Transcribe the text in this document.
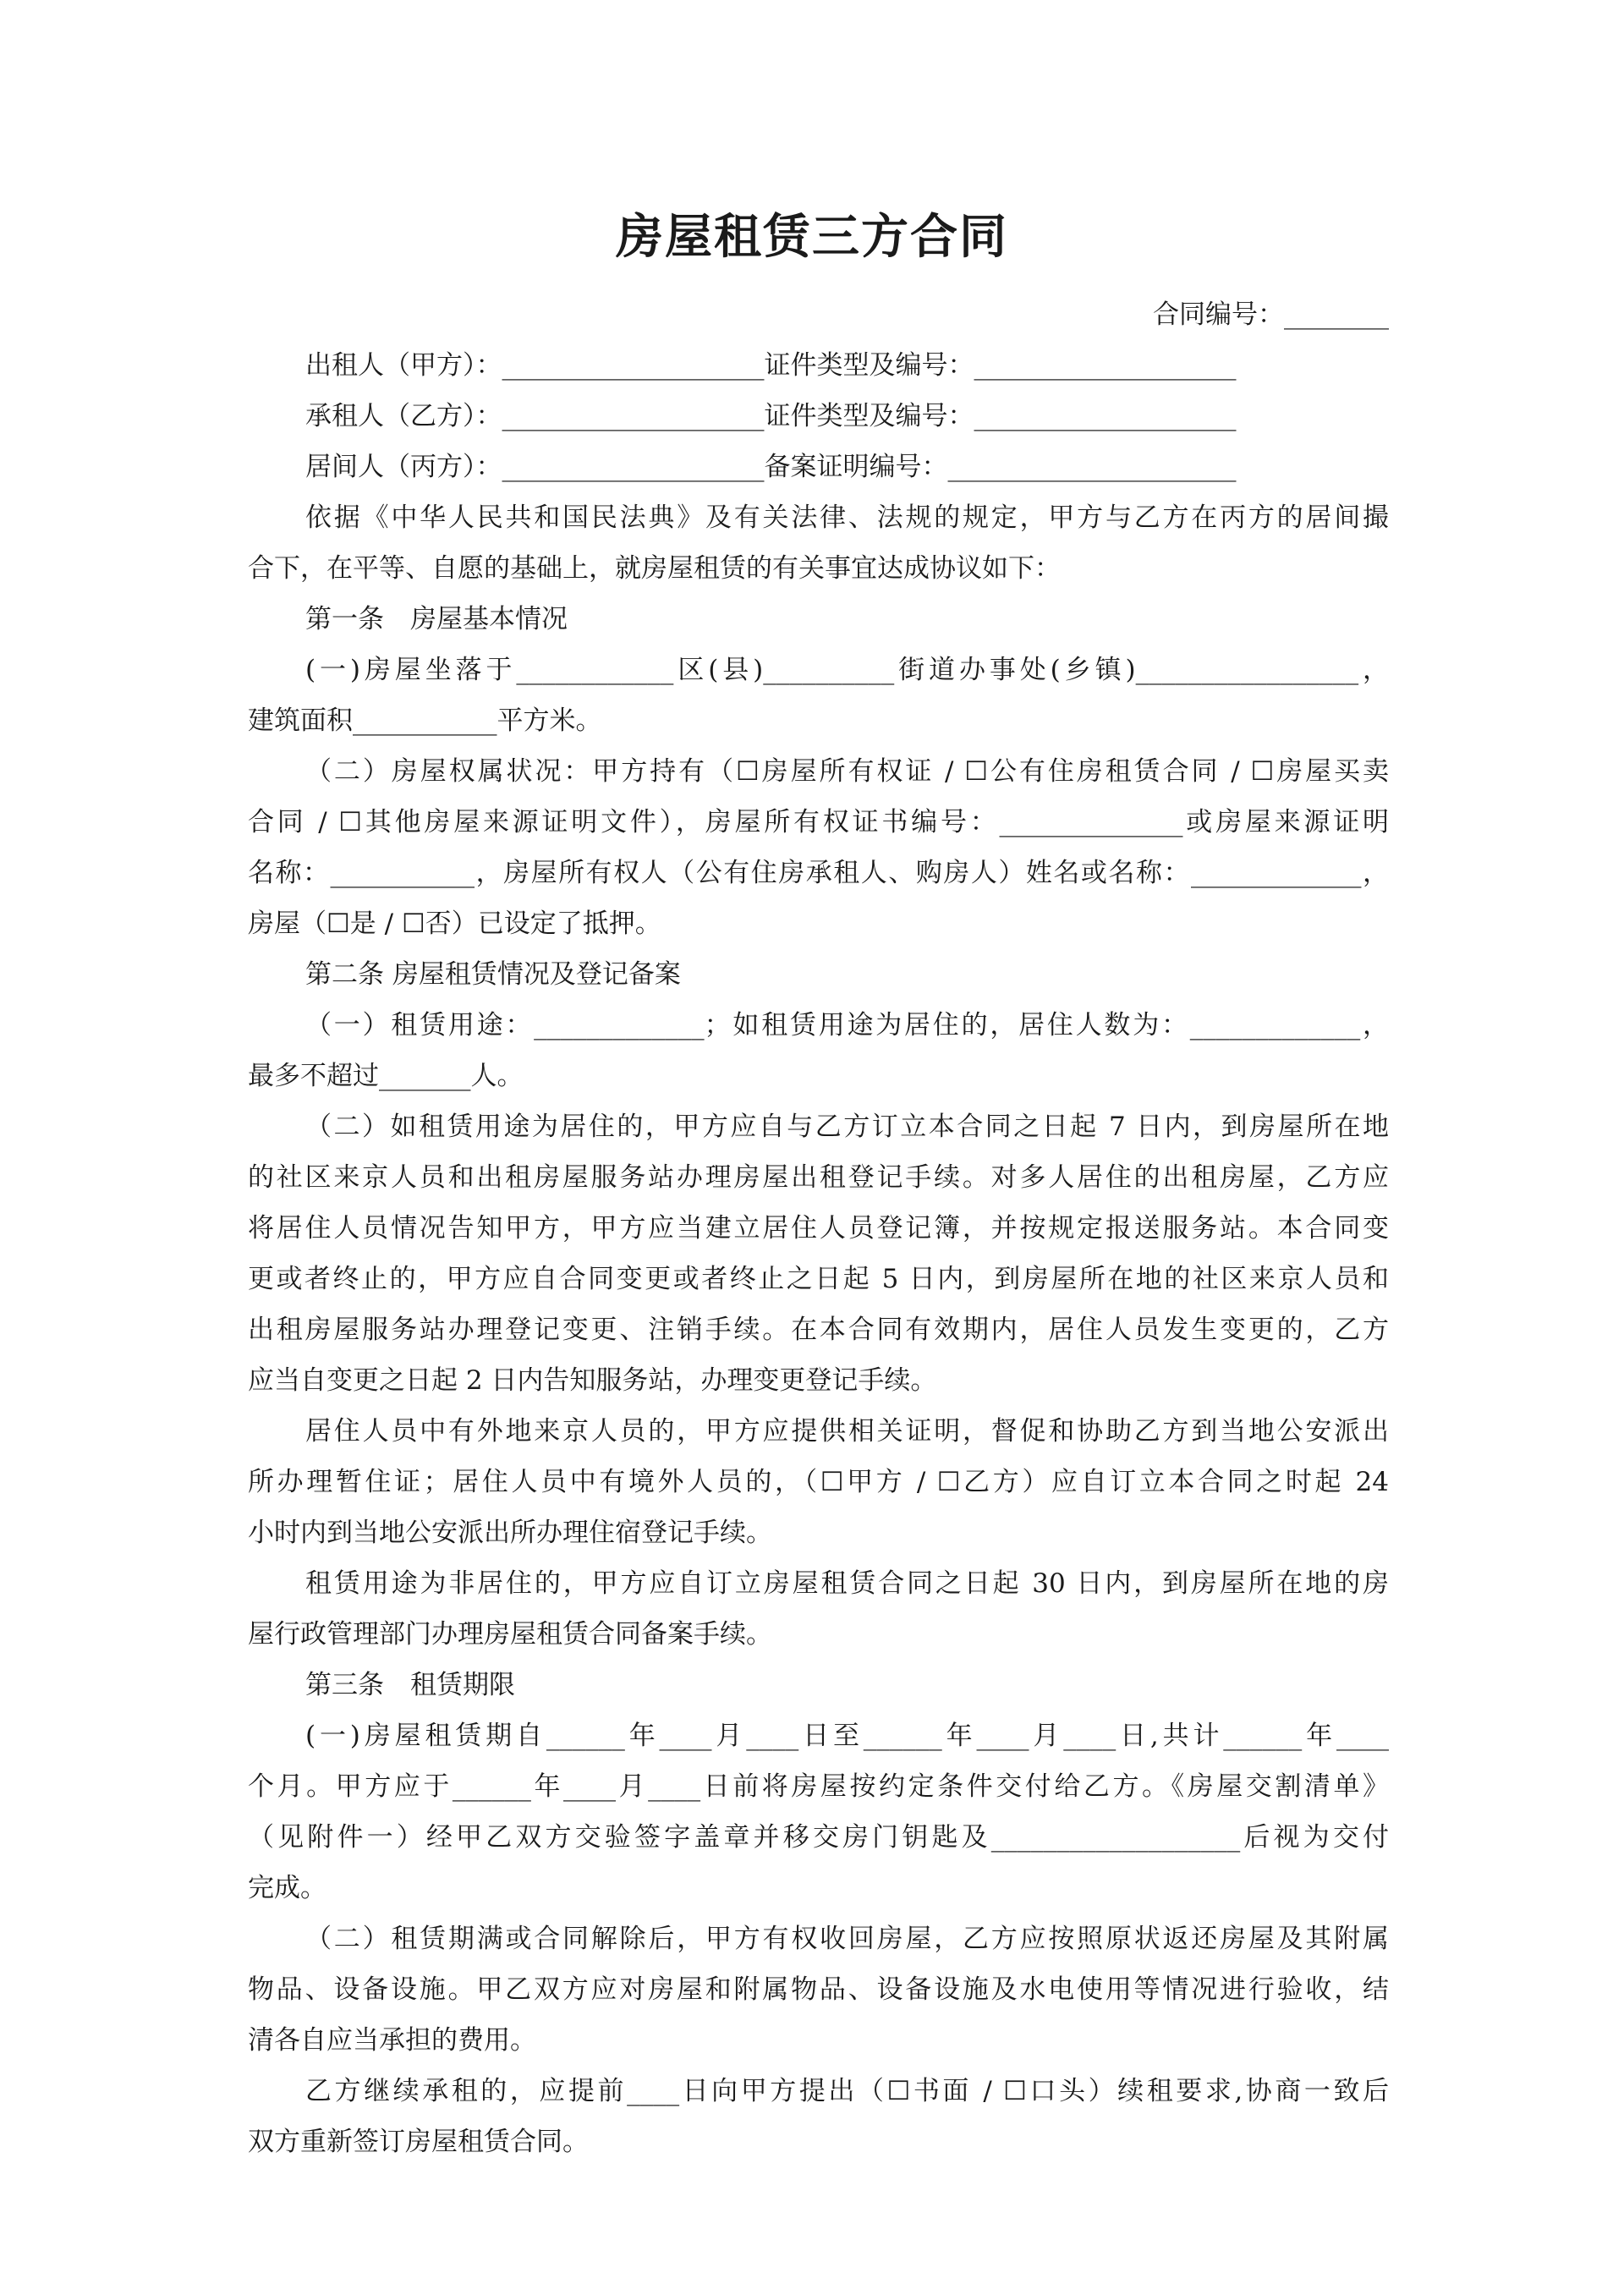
房屋租赁三方合同
合同编号：________
出租人（甲方）：____________________证件类型及编号：____________________
承租人（乙方）：____________________证件类型及编号：____________________
居间人（丙方）：____________________备案证明编号：______________________
依据《中华人民共和国民法典》及有关法律、法规的规定，甲方与乙方在丙方的居间撮
合下，在平等、自愿的基础上，就房屋租赁的有关事宜达成协议如下：
第一条　房屋基本情况
(一)房屋坐落于____________区(县)__________街道办事处(乡镇)_________________，
建筑面积___________平方米。
（二）房屋权属状况：甲方持有（☐房屋所有权证 / ☐公有住房租赁合同 / ☐房屋买卖
合同 / ☐其他房屋来源证明文件），房屋所有权证书编号：______________或房屋来源证明
名称：___________，房屋所有权人（公有住房承租人、购房人）姓名或名称：_____________，
房屋（☐是 / ☐否）已设定了抵押。
第二条 房屋租赁情况及登记备案
（一）租赁用途：_____________；如租赁用途为居住的，居住人数为：_____________，
最多不超过_______人。
（二）如租赁用途为居住的，甲方应自与乙方订立本合同之日起 7 日内，到房屋所在地
的社区来京人员和出租房屋服务站办理房屋出租登记手续。对多人居住的出租房屋，乙方应
将居住人员情况告知甲方，甲方应当建立居住人员登记簿，并按规定报送服务站。本合同变
更或者终止的，甲方应自合同变更或者终止之日起 5 日内，到房屋所在地的社区来京人员和
出租房屋服务站办理登记变更、注销手续。在本合同有效期内，居住人员发生变更的，乙方
应当自变更之日起 2 日内告知服务站，办理变更登记手续。
居住人员中有外地来京人员的，甲方应提供相关证明，督促和协助乙方到当地公安派出
所办理暂住证；居住人员中有境外人员的，（☐甲方 / ☐乙方）应自订立本合同之时起 24
小时内到当地公安派出所办理住宿登记手续。
租赁用途为非居住的，甲方应自订立房屋租赁合同之日起 30 日内，到房屋所在地的房
屋行政管理部门办理房屋租赁合同备案手续。
第三条　租赁期限
(一)房屋租赁期自______年____月____日至______年____月____日,共计______年____
个月。甲方应于______年____月____日前将房屋按约定条件交付给乙方。《房屋交割清单》
（见附件一）经甲乙双方交验签字盖章并移交房门钥匙及___________________后视为交付
完成。
（二）租赁期满或合同解除后，甲方有权收回房屋，乙方应按照原状返还房屋及其附属
物品、设备设施。甲乙双方应对房屋和附属物品、设备设施及水电使用等情况进行验收，结
清各自应当承担的费用。
乙方继续承租的，应提前____日向甲方提出（☐书面 / ☐口头）续租要求,协商一致后
双方重新签订房屋租赁合同。
